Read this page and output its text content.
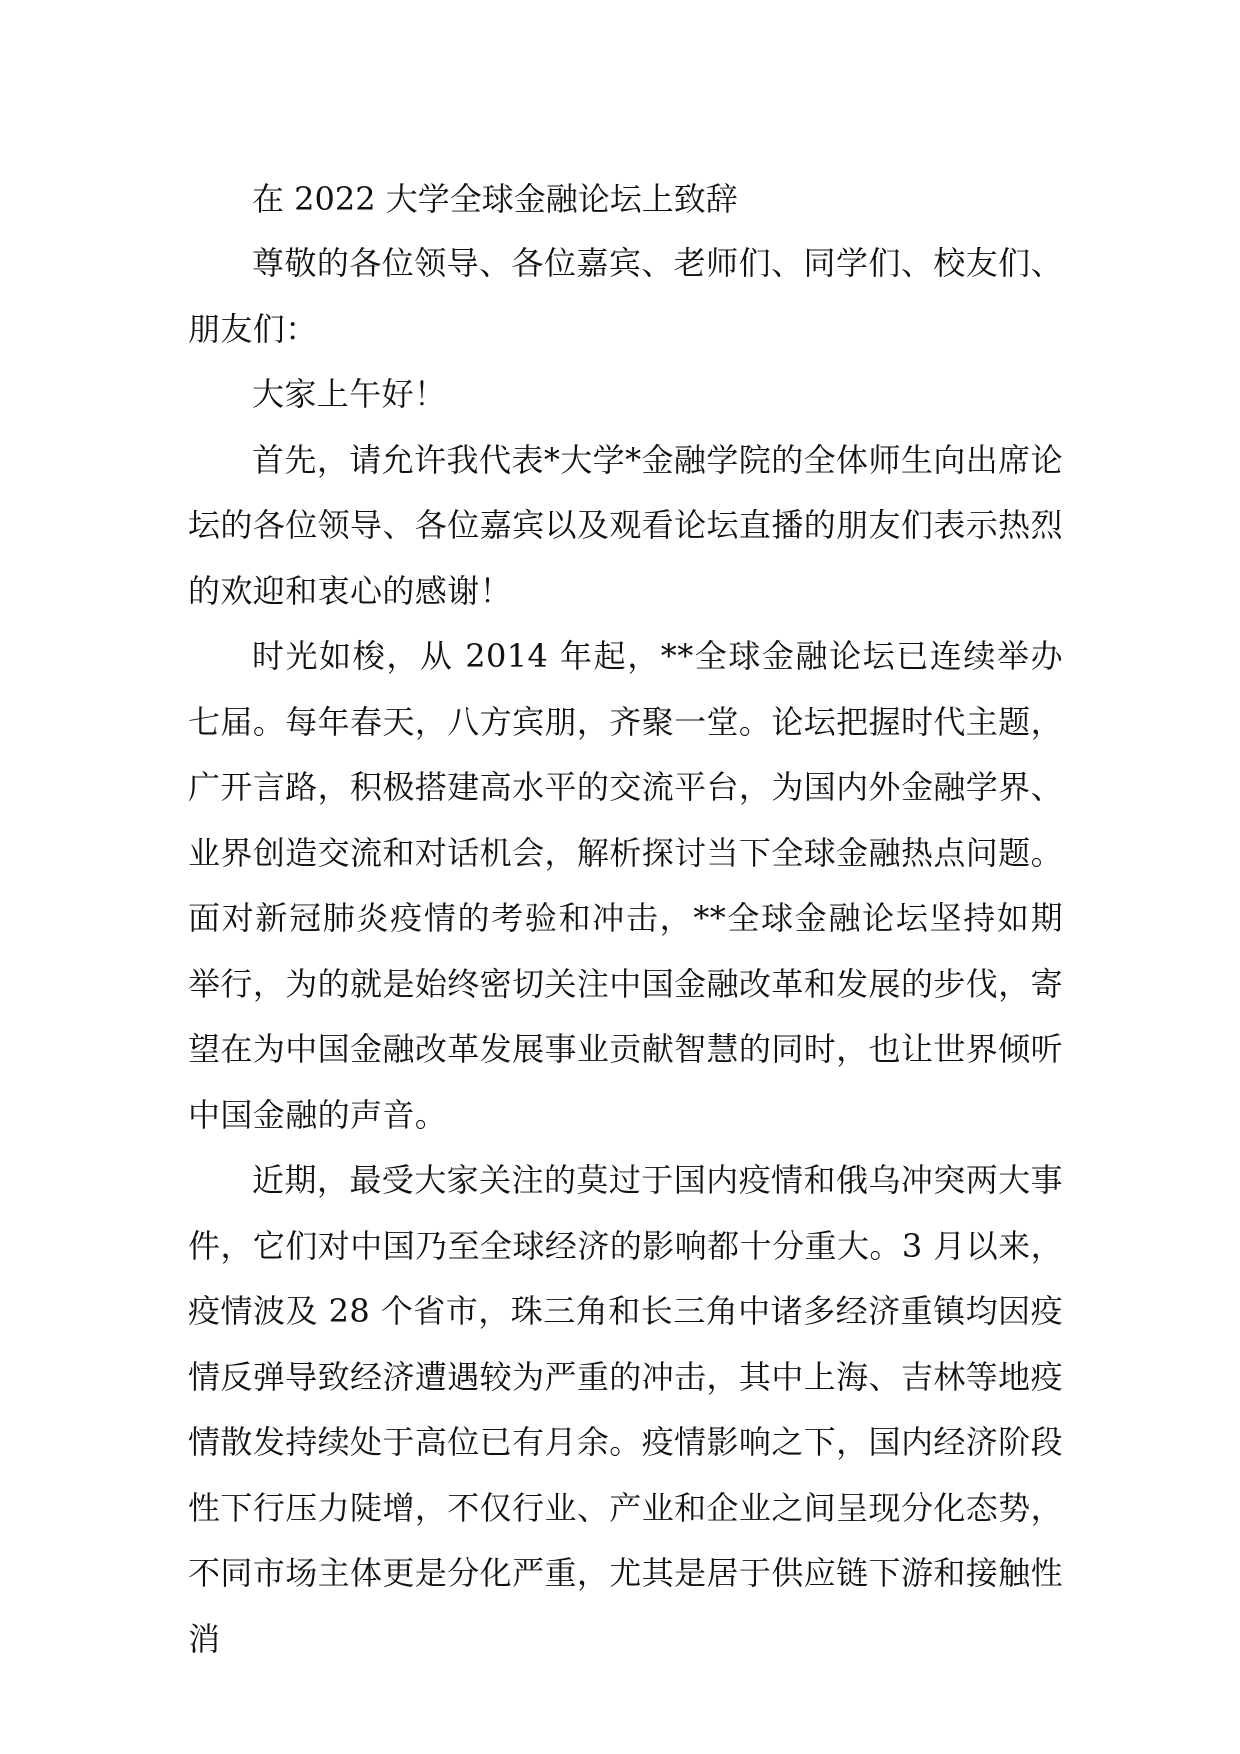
在 2022 大学全球金融论坛上致辞

尊敬的各位领导、各位嘉宾、老师们、同学们、校友们、朋友们：

大家上午好！

首先，请允许我代表*大学*金融学院的全体师生向出席论坛的各位领导、各位嘉宾以及观看论坛直播的朋友们表示热烈的欢迎和衷心的感谢！

时光如梭，从 2014 年起，**全球金融论坛已连续举办七届。每年春天，八方宾朋，齐聚一堂。论坛把握时代主题，广开言路，积极搭建高水平的交流平台，为国内外金融学界、业界创造交流和对话机会，解析探讨当下全球金融热点问题。面对新冠肺炎疫情的考验和冲击，**全球金融论坛坚持如期举行，为的就是始终密切关注中国金融改革和发展的步伐，寄望在为中国金融改革发展事业贡献智慧的同时，也让世界倾听中国金融的声音。

近期，最受大家关注的莫过于国内疫情和俄乌冲突两大事件，它们对中国乃至全球经济的影响都十分重大。3 月以来，疫情波及 28 个省市，珠三角和长三角中诸多经济重镇均因疫情反弹导致经济遭遇较为严重的冲击，其中上海、吉林等地疫情散发持续处于高位已有月余。疫情影响之下，国内经济阶段性下行压力陡增，不仅行业、产业和企业之间呈现分化态势，不同市场主体更是分化严重，尤其是居于供应链下游和接触性消
